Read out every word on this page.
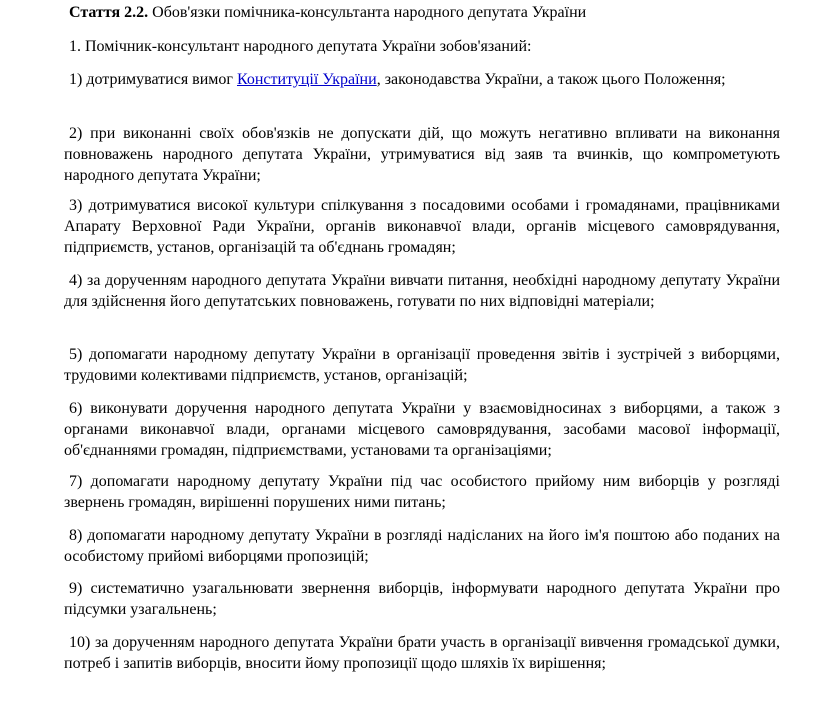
Стаття 2.2. Обов'язки помічника-консультанта народного депутата України

1. Помічник-консультант народного депутата України зобов'язаний:

1) дотримуватися вимог Конституції України, законодавства України, а також цього Положення;

2) при виконанні своїх обов'язків не допускати дій, що можуть негативно впливати на виконання повноважень народного депутата України, утримуватися від заяв та вчинків, що компрометують народного депутата України;

3) дотримуватися високої культури спілкування з посадовими особами і громадянами, працівниками Апарату Верховної Ради України, органів виконавчої влади, органів місцевого самоврядування, підприємств, установ, організацій та об'єднань громадян;

4) за дорученням народного депутата України вивчати питання, необхідні народному депутату України для здійснення його депутатських повноважень, готувати по них відповідні матеріали;

5) допомагати народному депутату України в організації проведення звітів і зустрічей з виборцями, трудовими колективами підприємств, установ, організацій;

6) виконувати доручення народного депутата України у взаємовідносинах з виборцями, а також з органами виконавчої влади, органами місцевого самоврядування, засобами масової інформації, об'єднаннями громадян, підприємствами, установами та організаціями;

7) допомагати народному депутату України під час особистого прийому ним виборців у розгляді звернень громадян, вирішенні порушених ними питань;

8) допомагати народному депутату України в розгляді надісланих на його ім'я поштою або поданих на особистому прийомі виборцями пропозицій;

9) систематично узагальнювати звернення виборців, інформувати народного депутата України про підсумки узагальнень;

10) за дорученням народного депутата України брати участь в організації вивчення громадської думки, потреб і запитів виборців, вносити йому пропозиції щодо шляхів їх вирішення;
